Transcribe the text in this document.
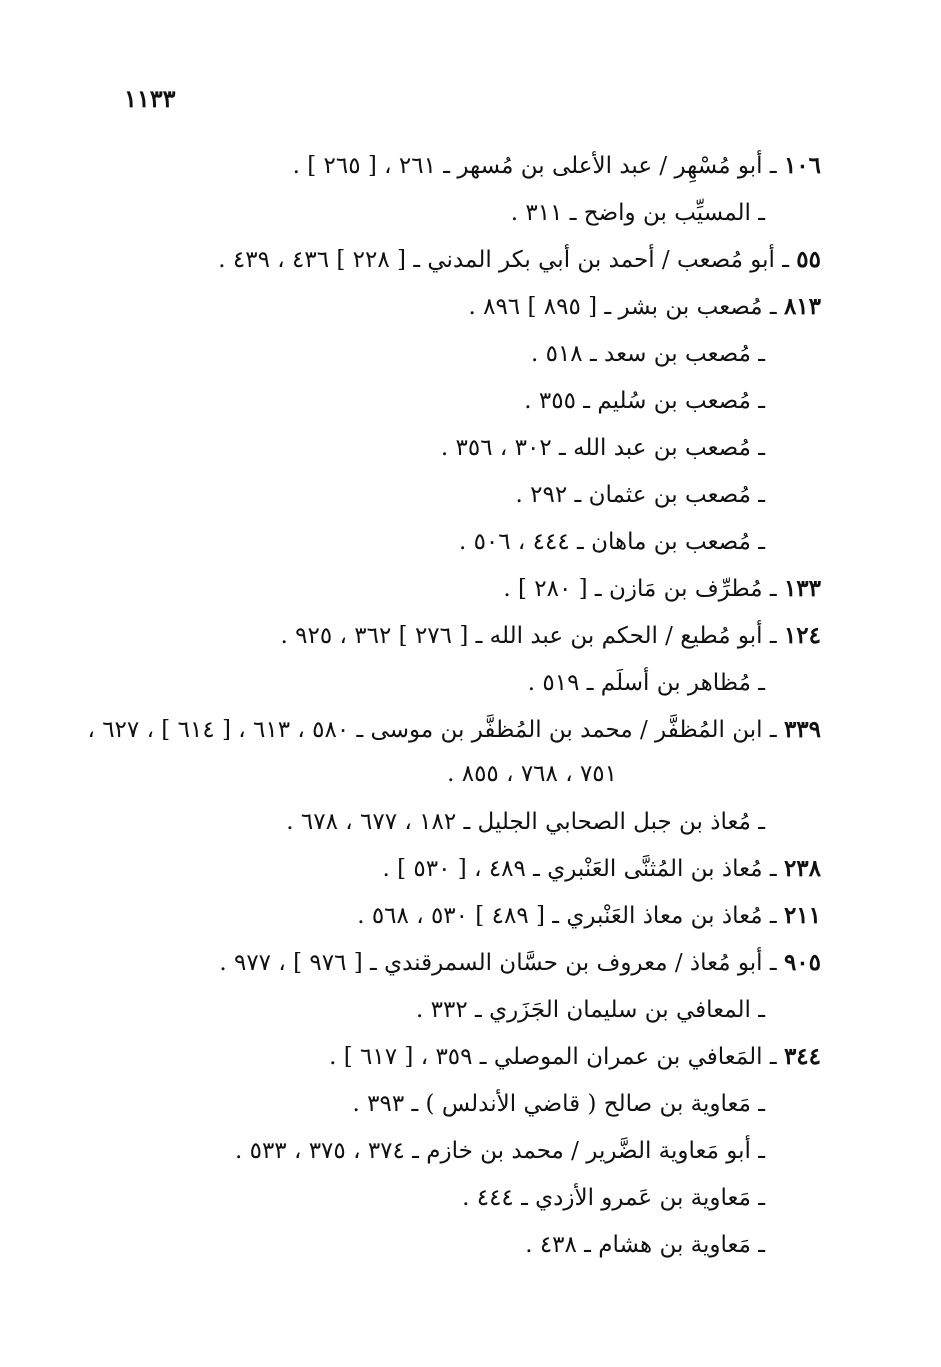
١١٣٣
١٠٦ ـ أبو مُسْهِر / عبد الأعلى بن مُسهر ـ ٢٦١ ، [ ٢٦٥ ] .
ـ المسيِّب بن واضح ـ ٣١١ .
٥٥ ـ أبو مُصعب / أحمد بن أبي بكر المدني ـ [ ٢٢٨ ] ٤٣٦ ، ٤٣٩ .
٨١٣ ـ مُصعب بن بشر ـ [ ٨٩٥ ] ٨٩٦ .
ـ مُصعب بن سعد ـ ٥١٨ .
ـ مُصعب بن سُليم ـ ٣٥٥ .
ـ مُصعب بن عبد الله ـ ٣٠٢ ، ٣٥٦ .
ـ مُصعب بن عثمان ـ ٢٩٢ .
ـ مُصعب بن ماهان ـ ٤٤٤ ، ٥٠٦ .
١٣٣ ـ مُطرِّف بن مَازن ـ [ ٢٨٠ ] .
١٢٤ ـ أبو مُطيع / الحكم بن عبد الله ـ [ ٢٧٦ ] ٣٦٢ ، ٩٢٥ .
ـ مُظاهر بن أسلَم ـ ٥١٩ .
٣٣٩ ـ ابن المُظفَّر / محمد بن المُظفَّر بن موسى ـ ٥٨٠ ، ٦١٣ ، [ ٦١٤ ] ، ٦٢٧ ،
٧٥١ ، ٧٦٨ ، ٨٥٥ .
ـ مُعاذ بن جبل الصحابي الجليل ـ ١٨٢ ، ٦٧٧ ، ٦٧٨ .
٢٣٨ ـ مُعاذ بن المُثنَّى العَنْبري ـ ٤٨٩ ، [ ٥٣٠ ] .
٢١١ ـ مُعاذ بن معاذ العَنْبري ـ [ ٤٨٩ ] ٥٣٠ ، ٥٦٨ .
٩٠٥ ـ أبو مُعاذ / معروف بن حسَّان السمرقندي ـ [ ٩٧٦ ] ، ٩٧٧ .
ـ المعافي بن سليمان الجَزَري ـ ٣٣٢ .
٣٤٤ ـ المَعافي بن عمران الموصلي ـ ٣٥٩ ، [ ٦١٧ ] .
ـ مَعاوية بن صالح ( قاضي الأندلس ) ـ ٣٩٣ .
ـ أبو مَعاوية الضَّرير / محمد بن خازم ـ ٣٧٤ ، ٣٧٥ ، ٥٣٣ .
ـ مَعاوية بن عَمرو الأزدي ـ ٤٤٤ .
ـ مَعاوية بن هشام ـ ٤٣٨ .
